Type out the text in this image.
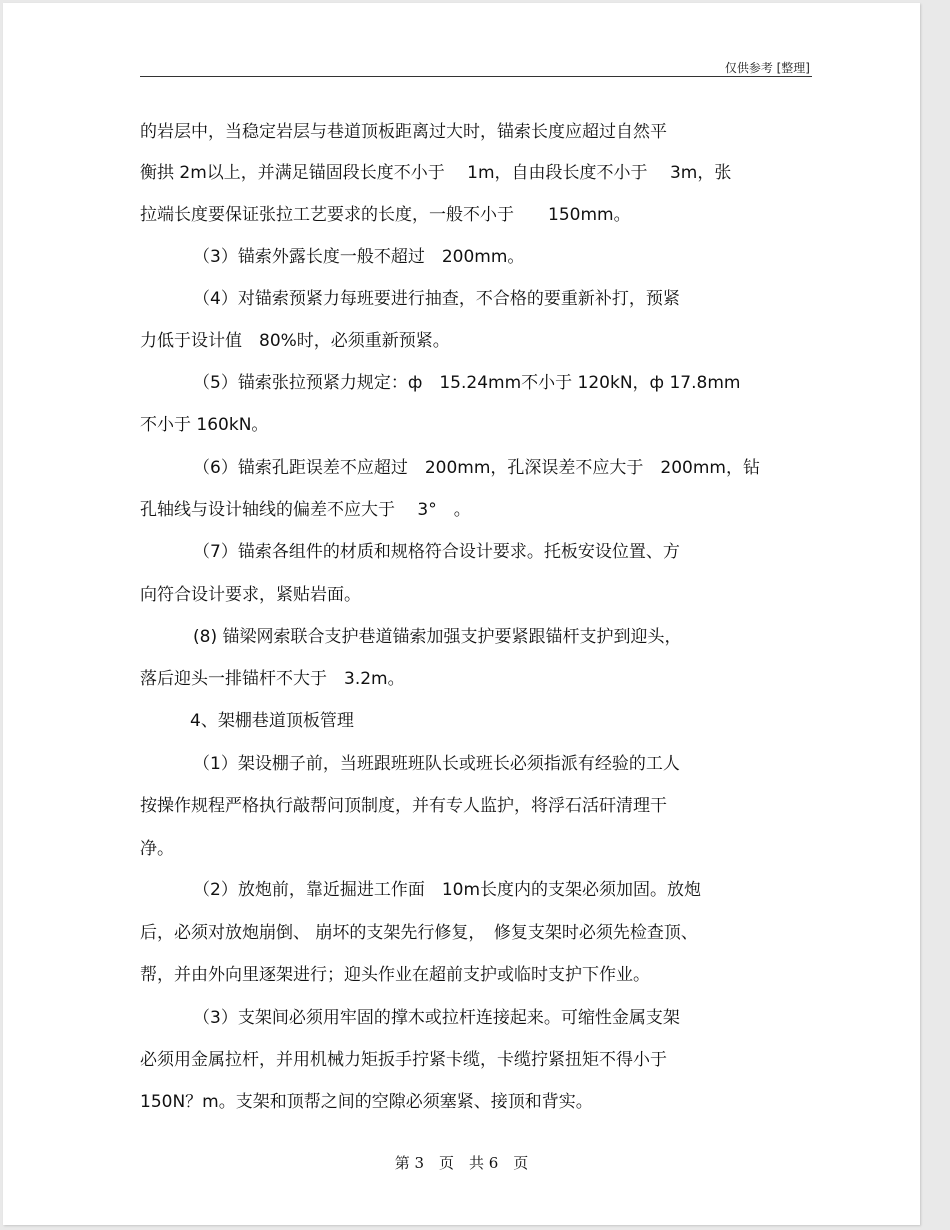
仅供参考 [整理]
的岩层中，当稳定岩层与巷道顶板距离过大时，锚索长度应超过自然平
衡拱 2m以上，并满足锚固段长度不小于　 1m，自由段长度不小于　 3m，张
拉端长度要保证张拉工艺要求的长度，一般不小于　　150mm。
（3）锚索外露长度一般不超过　200mm。
（4）对锚索预紧力每班要进行抽查，不合格的要重新补打，预紧
力低于设计值　80%时，必须重新预紧。
（5）锚索张拉预紧力规定：ф　15.24mm不小于 120kN，ф 17.8mm
不小于 160kN。
（6）锚索孔距误差不应超过　200mm，孔深误差不应大于　200mm，钻
孔轴线与设计轴线的偏差不应大于　 3°　。
（7）锚索各组件的材质和规格符合设计要求。托板安设位置、方
向符合设计要求，紧贴岩面。
(8) 锚梁网索联合支护巷道锚索加强支护要紧跟锚杆支护到迎头，
落后迎头一排锚杆不大于　3.2m。
4、架棚巷道顶板管理
（1）架设棚子前，当班跟班班队长或班长必须指派有经验的工人
按操作规程严格执行敲帮问顶制度，并有专人监护，将浮石活矸清理干
净。
（2）放炮前，靠近掘进工作面　10m长度内的支架必须加固。放炮
后，必须对放炮崩倒、 崩坏的支架先行修复，　修复支架时必须先检查顶、
帮，并由外向里逐架进行；迎头作业在超前支护或临时支护下作业。
（3）支架间必须用牢固的撑木或拉杆连接起来。可缩性金属支架
必须用金属拉杆，并用机械力矩扳手拧紧卡缆，卡缆拧紧扭矩不得小于
150N？m。支架和顶帮之间的空隙必须塞紧、接顶和背实。
第 3　页　共 6　页
